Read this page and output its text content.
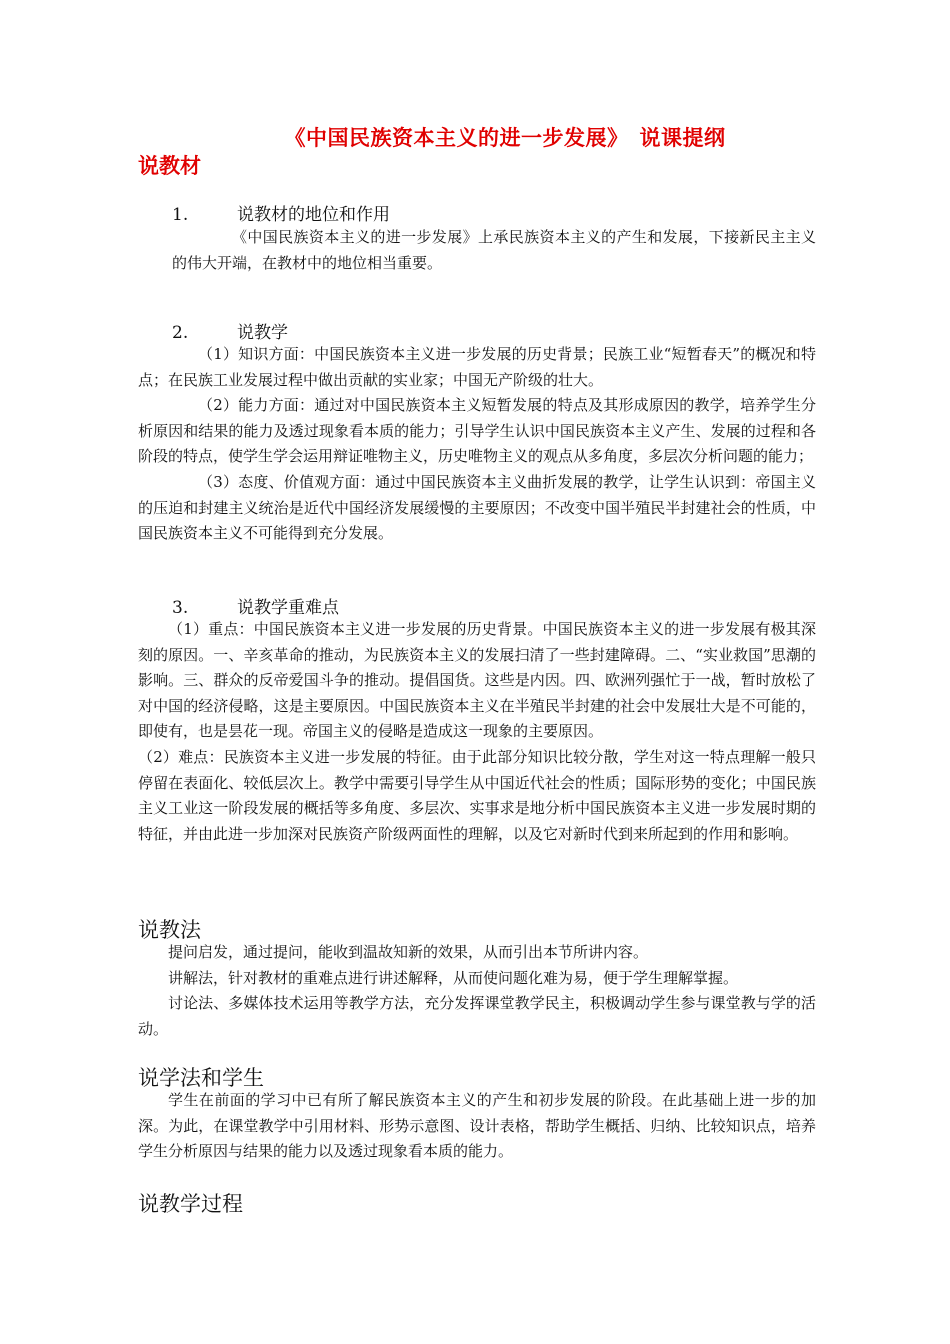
《中国民族资本主义的进一步发展》　说课提纲
说教材
1.	说教材的地位和作用

《中国民族资本主义的进一步发展》上承民族资本主义的产生和发展，下接新民主主义的伟大开端，在教材中的地位相当重要。

2.	说教学

（1）知识方面：中国民族资本主义进一步发展的历史背景；民族工业“短暂春天”的概况和特点；在民族工业发展过程中做出贡献的实业家；中国无产阶级的壮大。

（2）能力方面：通过对中国民族资本主义短暂发展的特点及其形成原因的教学，培养学生分析原因和结果的能力及透过现象看本质的能力；引导学生认识中国民族资本主义产生、发展的过程和各阶段的特点，使学生学会运用辩证唯物主义，历史唯物主义的观点从多角度，多层次分析问题的能力；

（3）态度、价值观方面：通过中国民族资本主义曲折发展的教学，让学生认识到：帝国主义的压迫和封建主义统治是近代中国经济发展缓慢的主要原因；不改变中国半殖民半封建社会的性质，中国民族资本主义不可能得到充分发展。

3.	说教学重难点

（1）重点：中国民族资本主义进一步发展的历史背景。中国民族资本主义的进一步发展有极其深刻的原因。一、辛亥革命的推动，为民族资本主义的发展扫清了一些封建障碍。二、“实业救国”思潮的影响。三、群众的反帝爱国斗争的推动。提倡国货。这些是内因。四、欧洲列强忙于一战，暂时放松了对中国的经济侵略，这是主要原因。中国民族资本主义在半殖民半封建的社会中发展壮大是不可能的，即使有，也是昙花一现。帝国主义的侵略是造成这一现象的主要原因。

（2）难点：民族资本主义进一步发展的特征。由于此部分知识比较分散，学生对这一特点理解一般只停留在表面化、较低层次上。教学中需要引导学生从中国近代社会的性质；国际形势的变化；中国民族主义工业这一阶段发展的概括等多角度、多层次、实事求是地分析中国民族资本主义进一步发展时期的特征，并由此进一步加深对民族资产阶级两面性的理解，以及它对新时代到来所起到的作用和影响。

说教法

提问启发，通过提问，能收到温故知新的效果，从而引出本节所讲内容。

讲解法，针对教材的重难点进行讲述解释，从而使问题化难为易，便于学生理解掌握。

讨论法、多媒体技术运用等教学方法，充分发挥课堂教学民主，积极调动学生参与课堂教与学的活动。

说学法和学生

学生在前面的学习中已有所了解民族资本主义的产生和初步发展的阶段。在此基础上进一步的加深。为此，在课堂教学中引用材料、形势示意图、设计表格，帮助学生概括、归纳、比较知识点，培养学生分析原因与结果的能力以及透过现象看本质的能力。

说教学过程
